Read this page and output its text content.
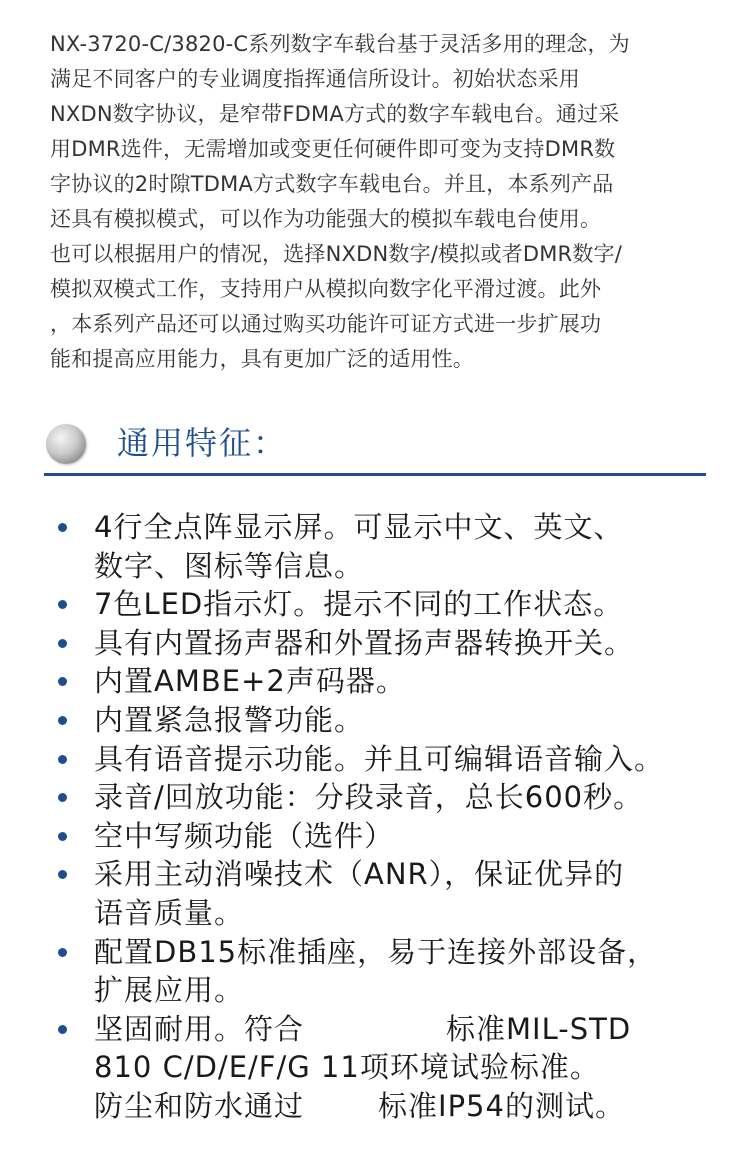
NX-3720-C/3820-C系列数字车载台基于灵活多用的理念，为
满足不同客户的专业调度指挥通信所设计。初始状态采用
NXDN数字协议，是窄带FDMA方式的数字车载电台。通过采
用DMR选件，无需增加或变更任何硬件即可变为支持DMR数
字协议的2时隙TDMA方式数字车载电台。并且，本系列产品
还具有模拟模式，可以作为功能强大的模拟车载电台使用。
也可以根据用户的情况，选择NXDN数字/模拟或者DMR数字/
模拟双模式工作，支持用户从模拟向数字化平滑过渡。此外
，本系列产品还可以通过购买功能许可证方式进一步扩展功
能和提高应用能力，具有更加广泛的适用性。
通用特征：
4行全点阵显示屏。可显示中文、英文、
数字、图标等信息。
7色LED指示灯。提示不同的工作状态。
具有内置扬声器和外置扬声器转换开关。
内置AMBE+2声码器。
内置紧急报警功能。
具有语音提示功能。并且可编辑语音输入。
录音/回放功能：分段录音，总长600秒。
空中写频功能（选件）
采用主动消噪技术（ANR），保证优异的
语音质量。
配置DB15标准插座，易于连接外部设备，
扩展应用。
坚固耐用。符合	标准MIL-STD
810 C/D/E/F/G 11项环境试验标准。
防尘和防水通过	标准IP54的测试。
